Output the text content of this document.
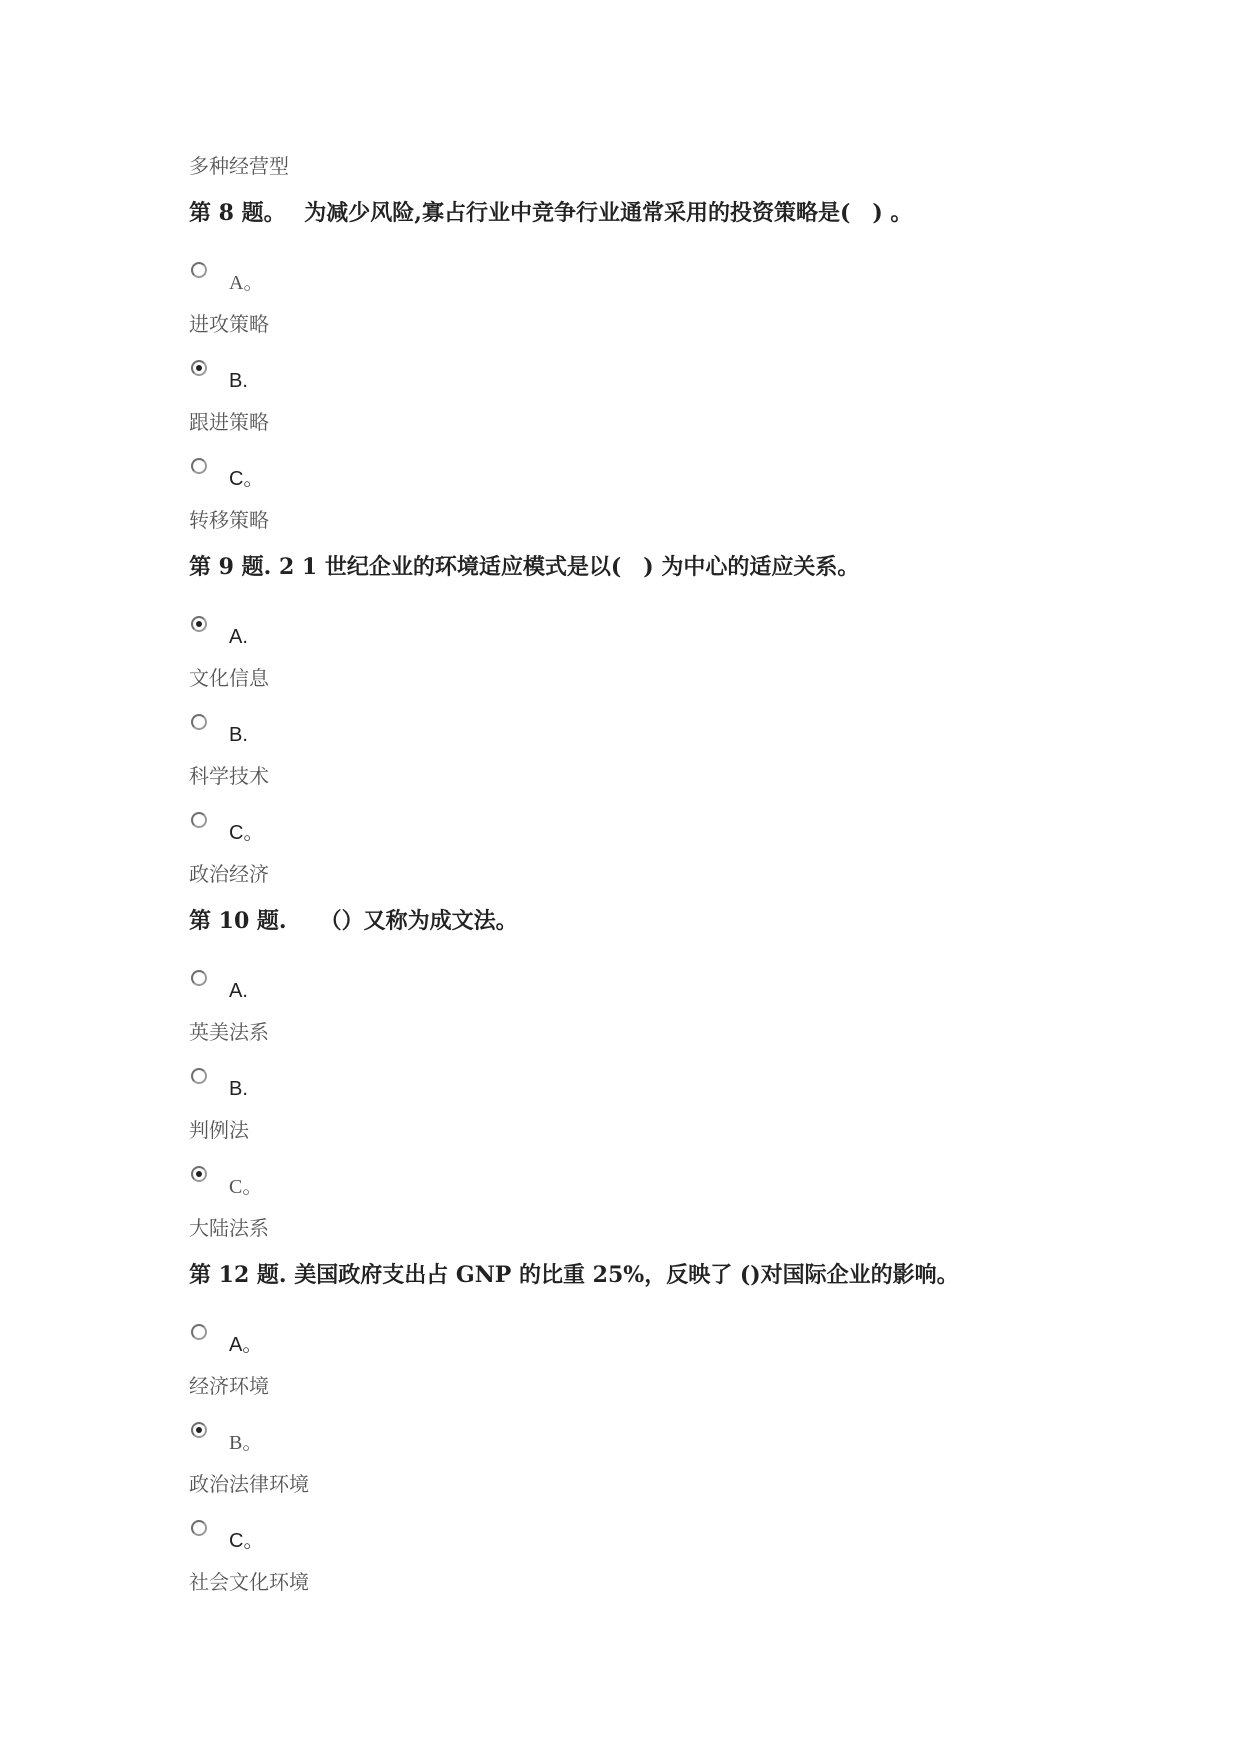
多种经营型
第 8 题。　 为减少风险,寡占行业中竞争行业通常采用的投资策略是(　) 。
A。
进攻策略
B.
跟进策略
C。
转移策略
第 9 题. 2 1 世纪企业的环境适应模式是以(　) 为中心的适应关系。
A.
文化信息
B.
科学技术
C。
政治经济
第 10 题.　　（）又称为成文法。
A.
英美法系
B.
判例法
C。
大陆法系
第 12 题. 美国政府支出占 GNP 的比重 25%，反映了 ()对国际企业的影响。
A。
经济环境
B。
政治法律环境
C。
社会文化环境
